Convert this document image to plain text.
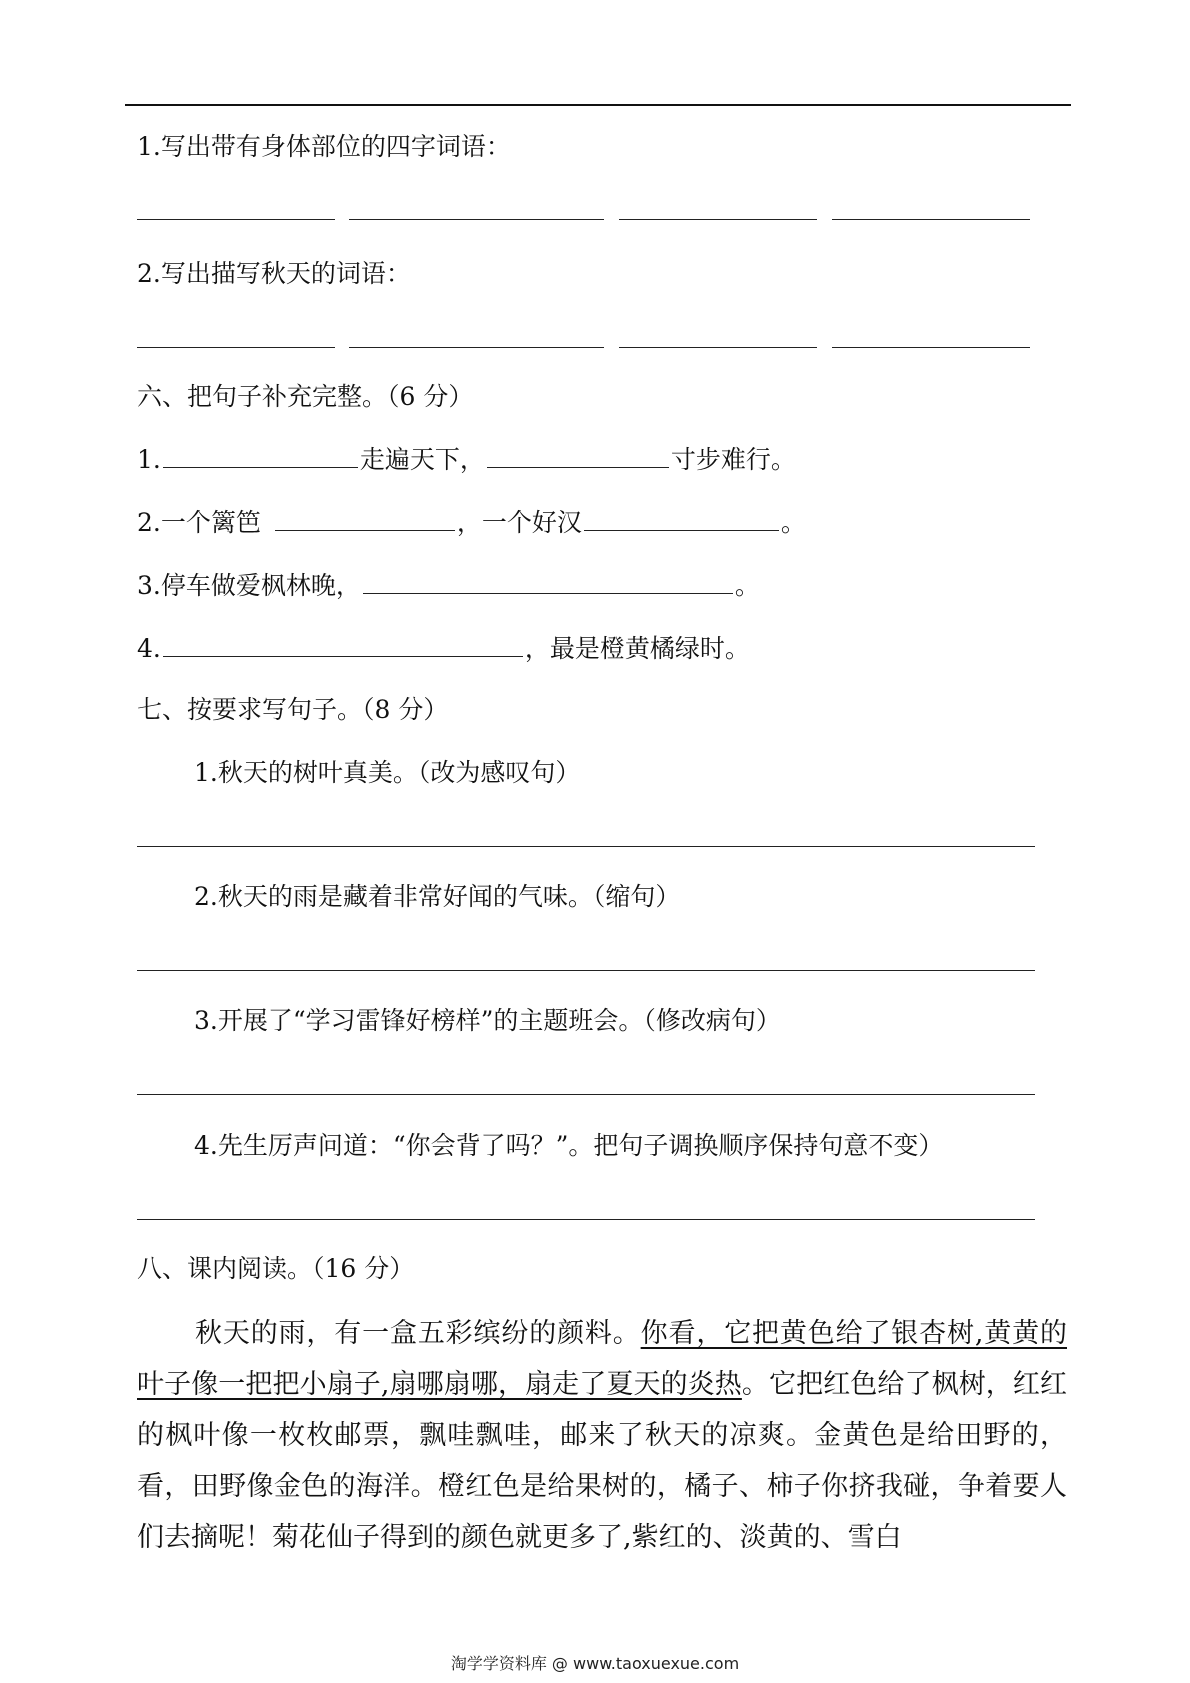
1.写出带有身体部位的四字词语：
2.写出描写秋天的词语：
六、把句子补充完整。（6 分）
1.	走遍天下，	寸步难行。
2.一个篱笆	，一个好汉	。
3.停车做爱枫林晚，	。
4.	，最是橙黄橘绿时。
七、按要求写句子。（8 分）
1.秋天的树叶真美。（改为感叹句）
2.秋天的雨是藏着非常好闻的气味。（缩句）
3.开展了“学习雷锋好榜样”的主题班会。（修改病句）
4.先生厉声问道：“你会背了吗？”。把句子调换顺序保持句意不变）
八、课内阅读。（16 分）

秋天的雨，有一盒五彩缤纷的颜料。你看，它把黄色给了银杏树,黄黄的叶子像一把把小扇子,扇哪扇哪，扇走了夏天的炎热。它把红色给了枫树，红红的枫叶像一枚枚邮票，飘哇飘哇，邮来了秋天的凉爽。金黄色是给田野的，看，田野像金色的海洋。橙红色是给果树的，橘子、柿子你挤我碰，争着要人们去摘呢！菊花仙子得到的颜色就更多了,紫红的、淡黄的、雪白

淘学学资料库 @ www.taoxuexue.com
